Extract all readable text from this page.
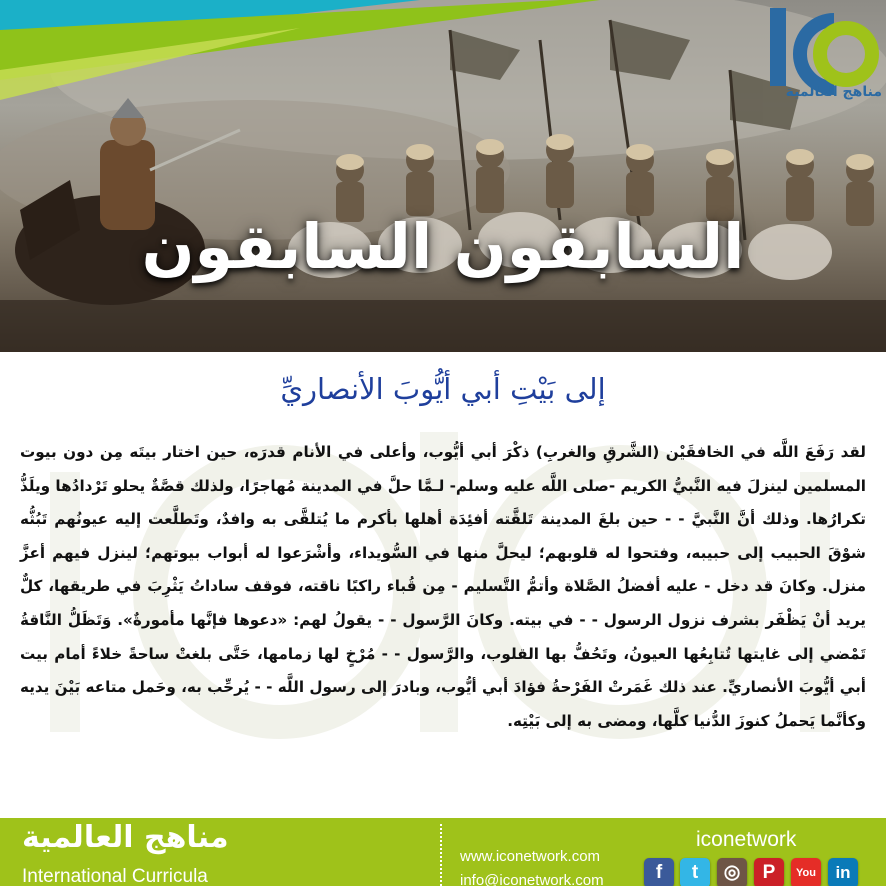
مناهج العالمية
السابقون السابقون
إلى بَيْتِ أبي أيُّوبَ الأنصاريِّ
لقد رَفَعَ اللَّه في الخافقَيْن (الشَّرقِ والغربِ) ذكْرَ أبي أيُّوب، وأعلى في الأنام قدرَه، حين اختار بيتَه مِن دون بيوت المسلمين لينزلَ فيه النَّبيُّ الكريم -صلى اللَّه عليه وسلم- لـمَّا حلَّ في المدينة مُهاجرًا، ولذلك قصَّةٌ يحلو تَرْدادُها ويلَذُّ تكرارُها. وذلك أنَّ النَّبيَّ - - حين بلغَ المدينة تَلقَّته أفئِدَة أهلها بأكرم ما يُتلقَّى به وافدٌ، وتَطلَّعت إليه عيونُهم تَبُثُّه شوْقَ الحبيب إلى حبيبه، وفتحوا له قلوبهم؛ ليحلَّ منها في السُّويداء، وأشْرَعوا له أبواب بيوتهم؛ لينزل فيهم أعزَّ منزل. وكانَ قد دخل - عليه أفضلُ الصَّلاة وأتمُّ التَّسليم - مِن قُباء راكبًا ناقته، فوقف ساداتُ يَثْرِبَ في طريقها، كلٌّ يريد أنْ يَظْفَر بشرف نزول الرسول - - في بيته. وكانَ الرَّسول - - يقولُ لهم: «دعوها فإنَّها مأمورةٌ». وَتَظَلُّ النَّاقةُ تَمْضي إلى غايتها تُتابِعُها العيونُ، وتَحُفُّ بها القلوب، والرَّسول - - مُرْخٍ لها زمامها، حَتَّى بلغتْ ساحةً خلاءً أمام بيت أبي أيُّوبَ الأنصاريِّ. عند ذلك غَمَرتْ الفَرْحةُ فؤادَ أبي أيُّوب، وبادرَ إلى رسول اللَّه - - يُرحِّب به، وحَمل متاعه بَيْنَ يديه وكأنَّما يَحملُ كنوزَ الدُّنيا كلَّها، ومضى به إلى بَيْتِه.
مناهج العالمية
International Curricula
www.iconetwork.com
info@iconetwork.com
iconetwork
f	t	◎	P	You	in
